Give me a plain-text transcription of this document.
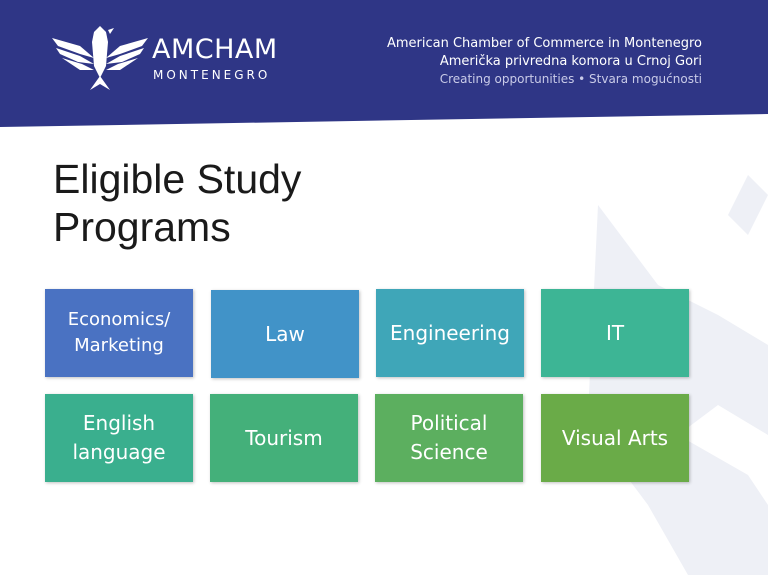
AMCHAM
MONTENEGRO
American Chamber of Commerce in Montenegro
Američka privredna komora u Crnoj Gori
Creating opportunities • Stvara mogućnosti
Eligible Study
Programs
Economics/
Marketing	Law	Engineering	IT
English
language
Tourism
Political
Science
Visual Arts
